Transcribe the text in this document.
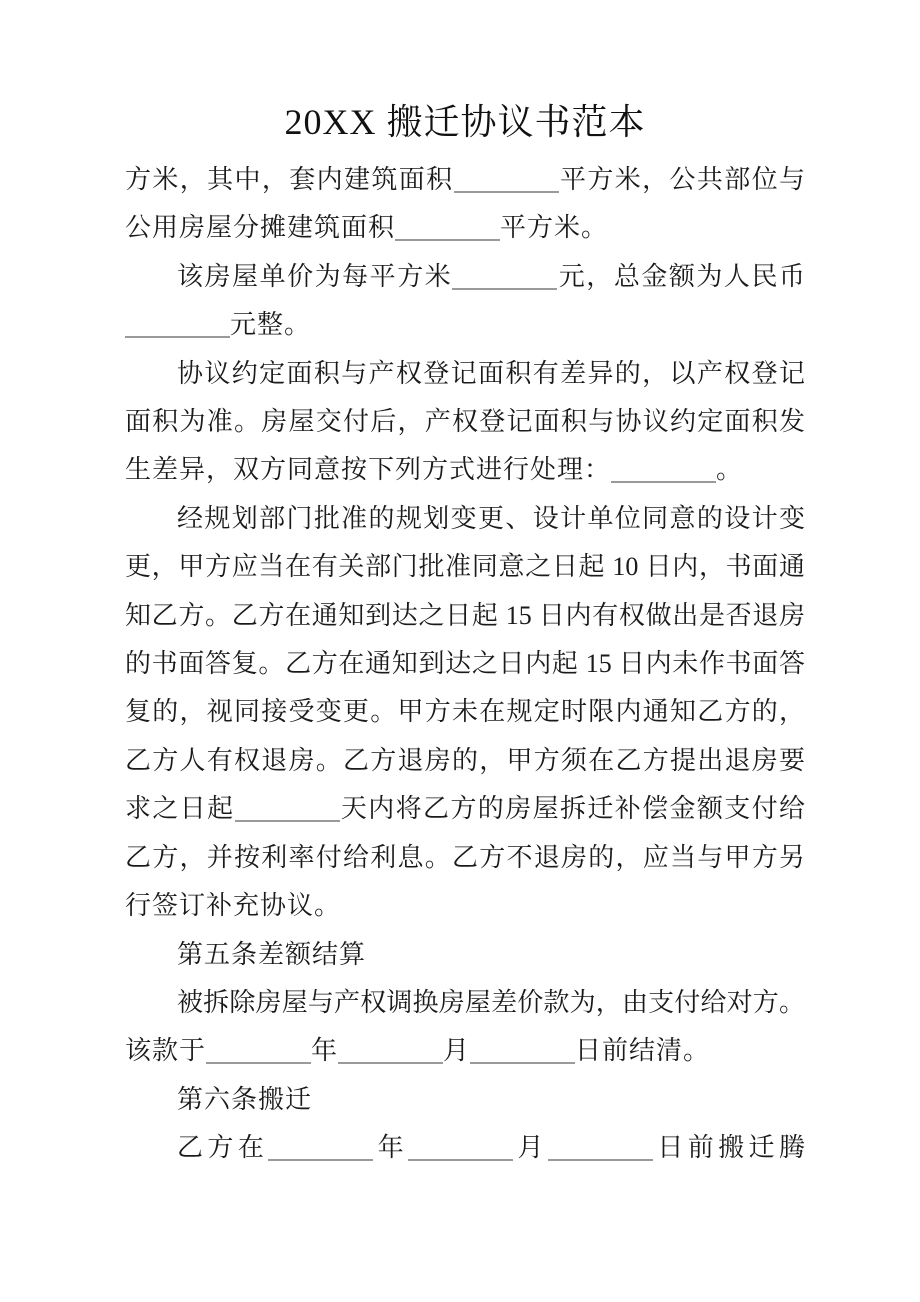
20XX 搬迁协议书范本
方米，其中，套内建筑面积	平方米，公共部位与
公用房屋分摊建筑面积	平方米。
该房屋单价为每平方米	元，总金额为人民币
元整。
协议约定面积与产权登记面积有差异的，以产权登记
面积为准。房屋交付后，产权登记面积与协议约定面积发
生差异，双方同意按下列方式进行处理：	。
经规划部门批准的规划变更、设计单位同意的设计变
更，甲方应当在有关部门批准同意之日起 10 日内，书面通
知乙方。乙方在通知到达之日起 15 日内有权做出是否退房
的书面答复。乙方在通知到达之日内起 15 日内未作书面答
复的，视同接受变更。甲方未在规定时限内通知乙方的，
乙方人有权退房。乙方退房的，甲方须在乙方提出退房要
求之日起	天内将乙方的房屋拆迁补偿金额支付给
乙方，并按利率付给利息。乙方不退房的，应当与甲方另
行签订补充协议。
第五条差额结算
被拆除房屋与产权调换房屋差价款为，由支付给对方。
该款于	年	月	日前结清。
第六条搬迁
乙方在	年	月	日前搬迁腾
